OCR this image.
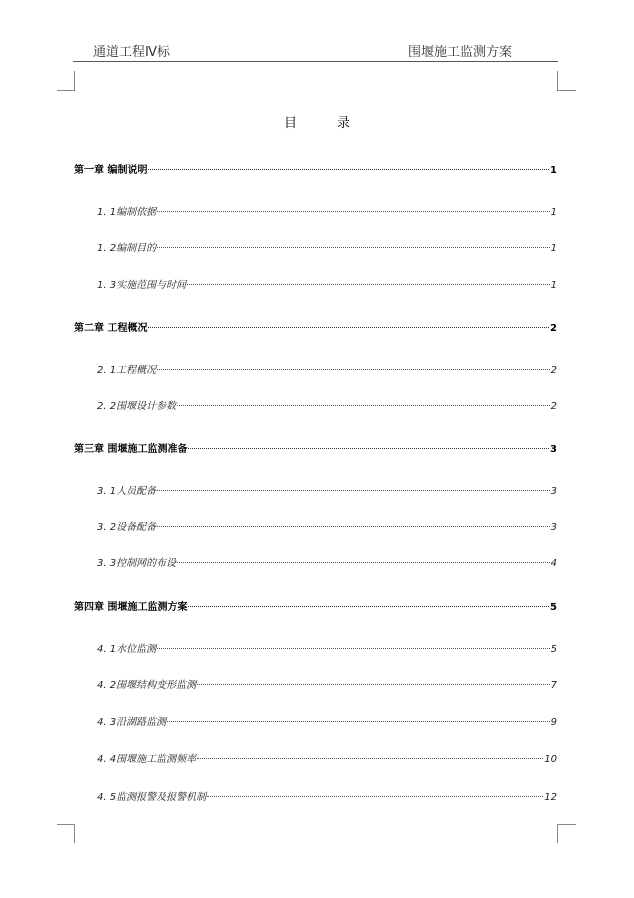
通道工程Ⅳ标	围堰施工监测方案
目录
第一章 编制说明	1
1. 1编制依据	1
1. 2编制目的	1
1. 3实施范围与时间	1
第二章 工程概况	2
2. 1工程概况	2
2. 2围堰设计参数	2
第三章 围堰施工监测准备	3
3. 1人员配备	3
3. 2设备配备	3
3. 3控制网的布设	4
第四章 围堰施工监测方案	5
4. 1水位监测	5
4. 2围堰结构变形监测	7
4. 3沿湖路监测	9
4. 4围堰施工监测频率	10
4. 5监测报警及报警机制	12
